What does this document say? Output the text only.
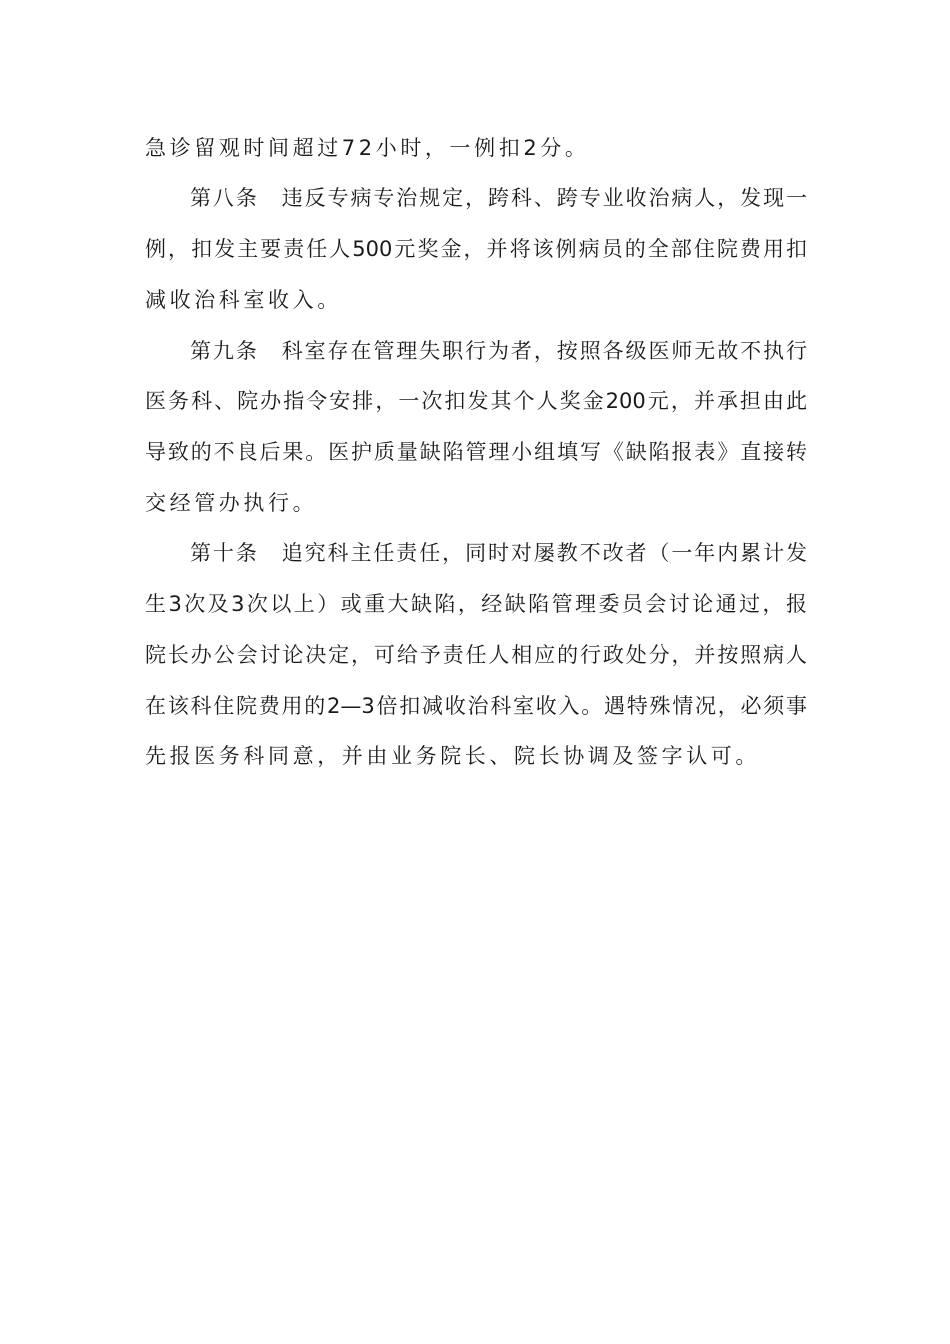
急诊留观时间超过72小时，一例扣2分。
第八条　违反专病专治规定，跨科、跨专业收治病人，发现一
例，扣发主要责任人500元奖金，并将该例病员的全部住院费用扣
减收治科室收入。
第九条　科室存在管理失职行为者，按照各级医师无故不执行
医务科、院办指令安排，一次扣发其个人奖金200元，并承担由此
导致的不良后果。医护质量缺陷管理小组填写《缺陷报表》直接转
交经管办执行。
第十条　追究科主任责任，同时对屡教不改者（一年内累计发
生3次及3次以上）或重大缺陷，经缺陷管理委员会讨论通过，报
院长办公会讨论决定，可给予责任人相应的行政处分，并按照病人
在该科住院费用的2—3倍扣减收治科室收入。遇特殊情况，必须事
先报医务科同意，并由业务院长、院长协调及签字认可。
